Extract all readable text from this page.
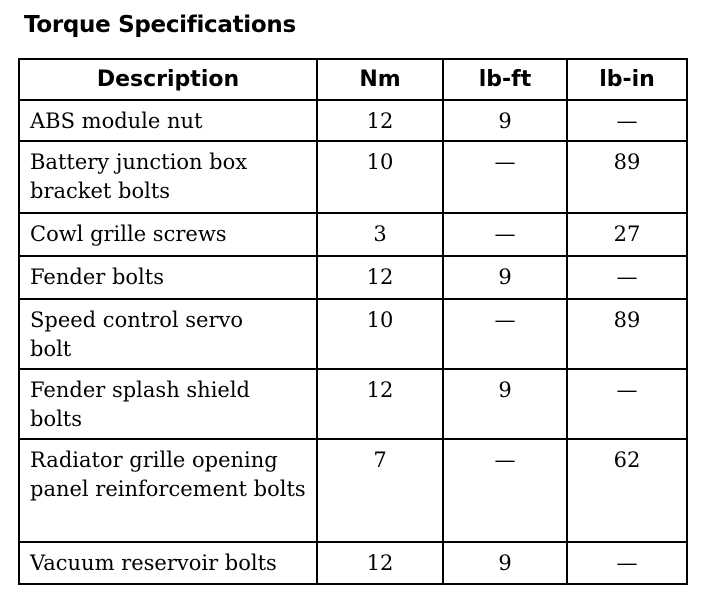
Torque Specifications
Description	Nm	lb-ft	lb-in
ABS module nut	12	9	—
Battery junction box bracket bolts	10	—	89
Cowl grille screws	3	—	27
Fender bolts	12	9	—
Speed control servo bolt	10	—	89
Fender splash shield bolts	12	9	—
Radiator grille opening panel reinforcement bolts	7	—	62
Vacuum reservoir bolts	12	9	—
